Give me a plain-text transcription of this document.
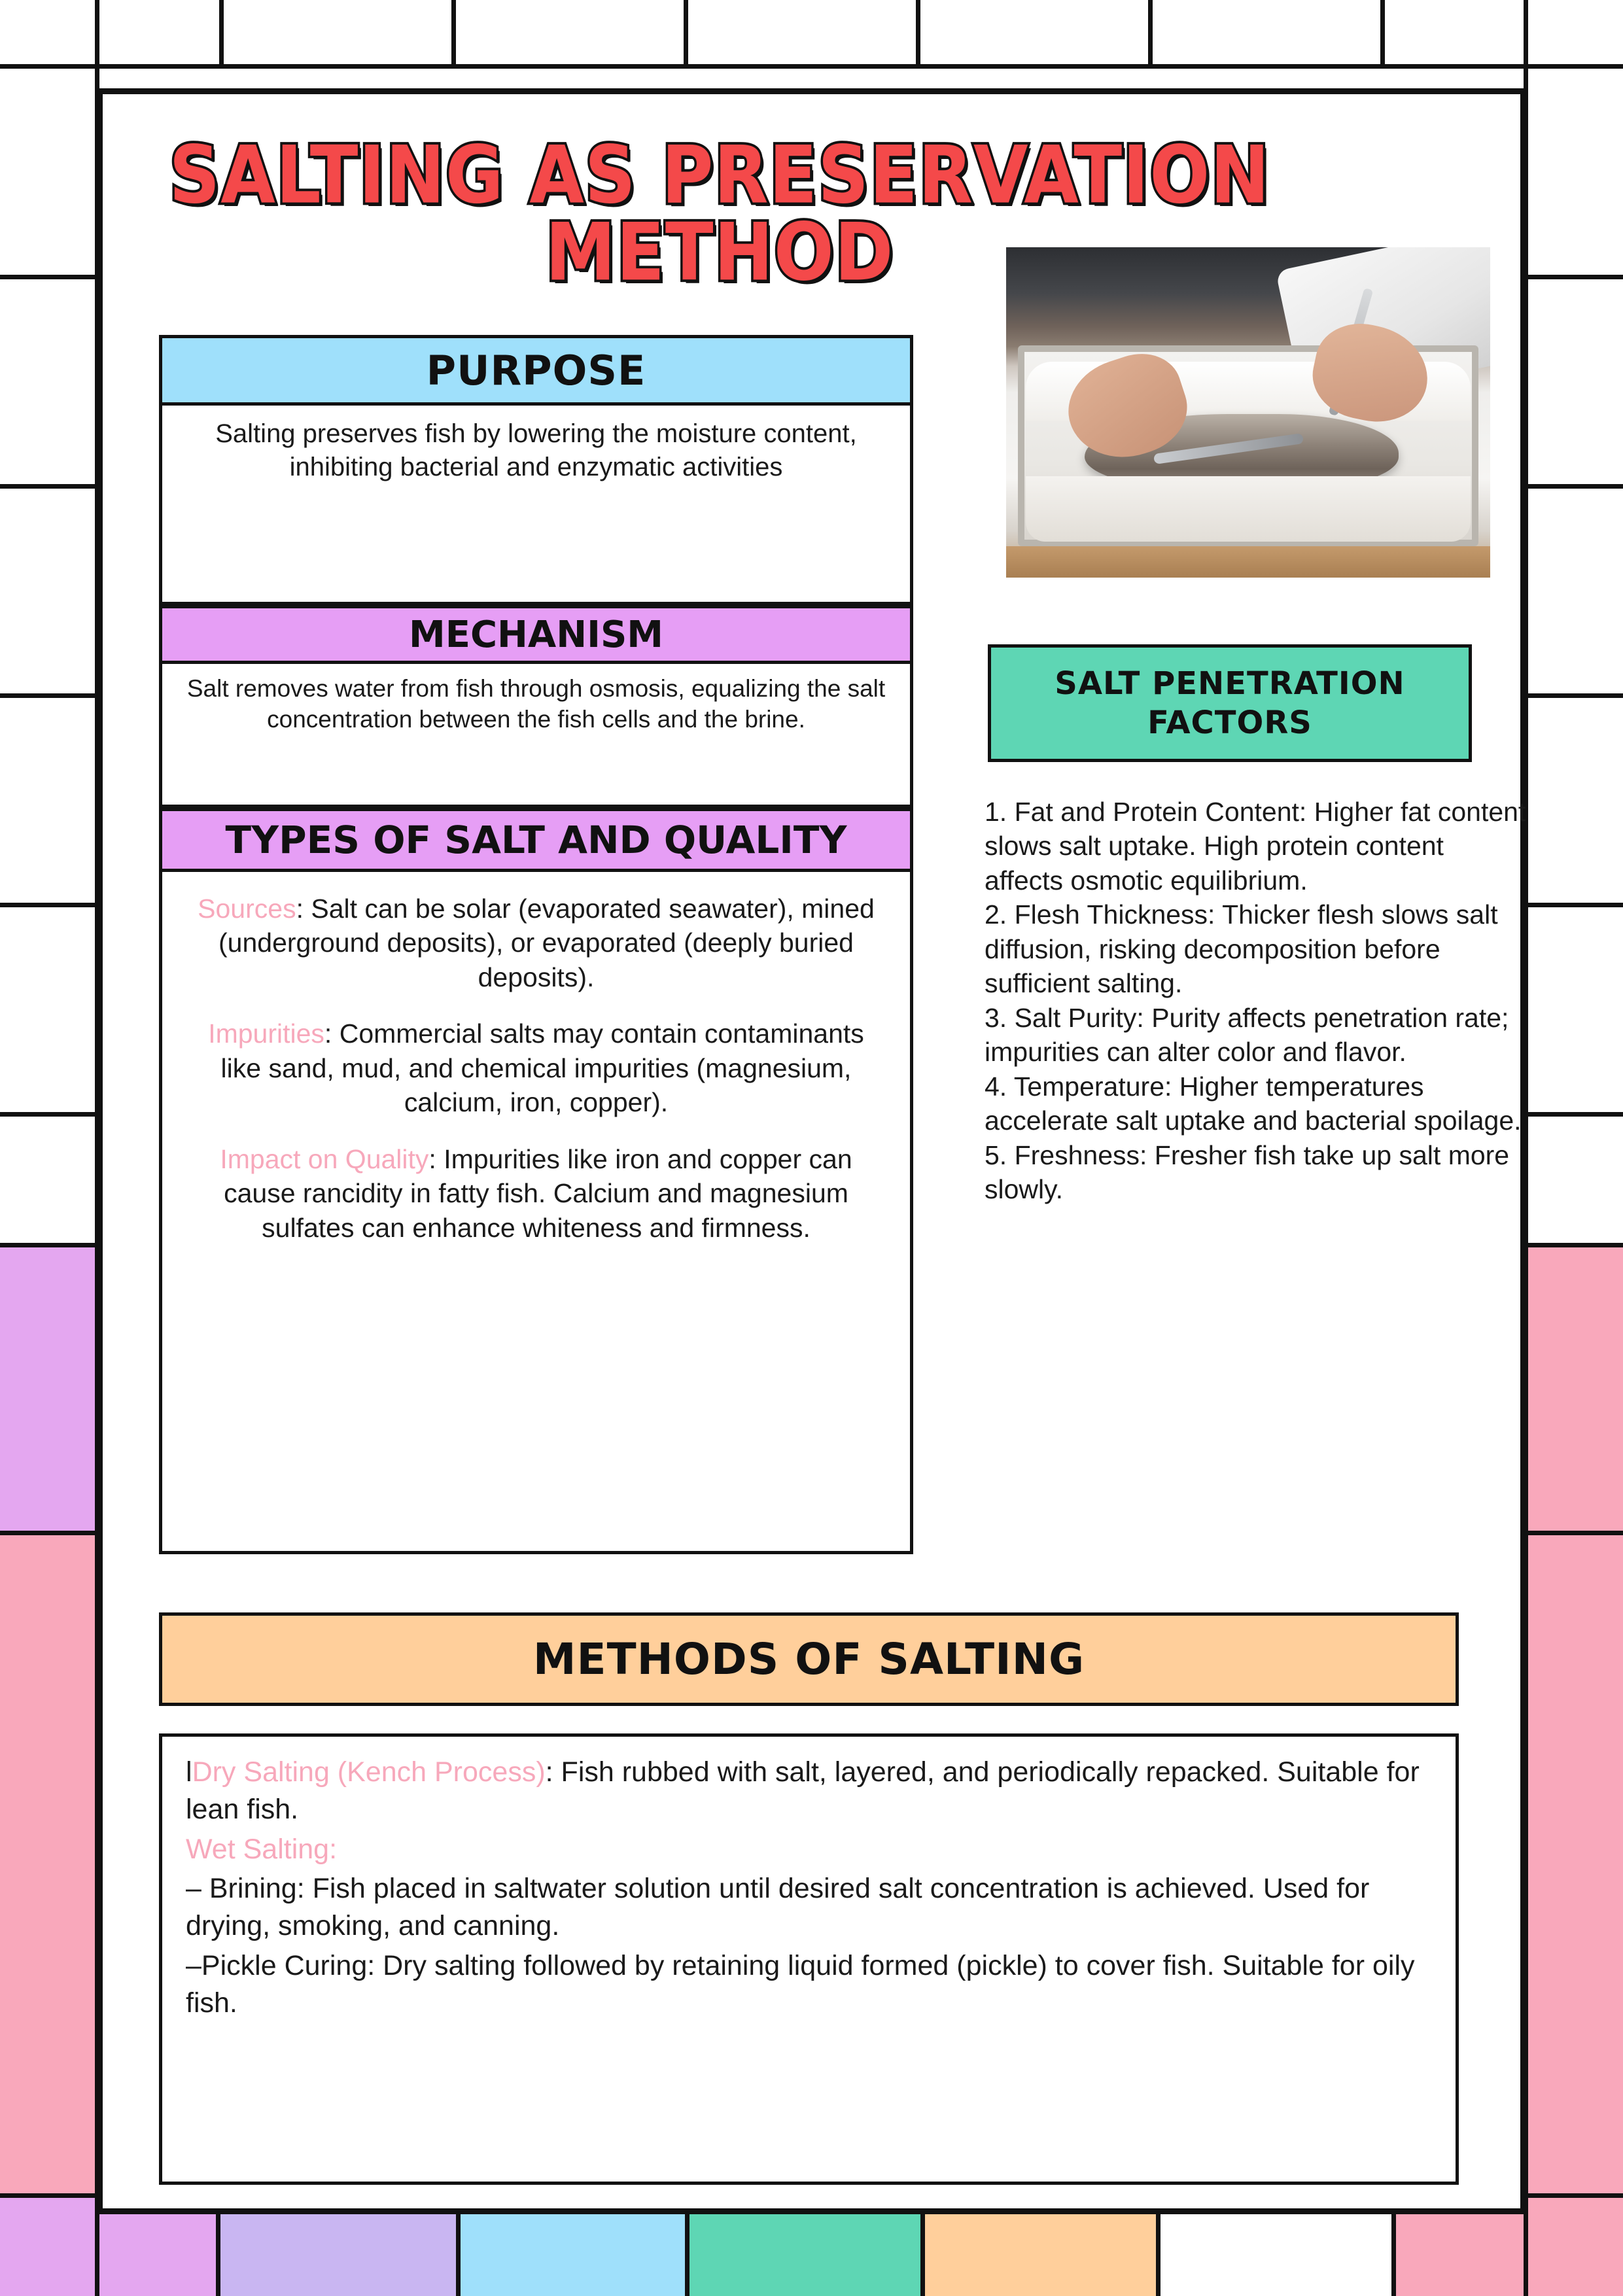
SALTING AS PRESERVATION
METHOD
PURPOSE
Salting preserves fish by lowering the moisture content, inhibiting bacterial and enzymatic activities
MECHANISM
Salt removes water from fish through osmosis, equalizing the salt concentration between the fish cells and the brine.
TYPES OF SALT AND QUALITY

Sources: Salt can be solar (evaporated seawater), mined (underground deposits), or evaporated (deeply buried deposits).

Impurities: Commercial salts may contain contaminants like sand, mud, and chemical impurities (magnesium, calcium, iron, copper).

Impact on Quality: Impurities like iron and copper can cause rancidity in fatty fish. Calcium and magnesium sulfates can enhance whiteness and firmness.

SALT PENETRATION
FACTORS
1. Fat and Protein Content: Higher fat content slows salt uptake. High protein content affects osmotic equilibrium.
2. Flesh Thickness: Thicker flesh slows salt diffusion, risking decomposition before sufficient salting.
3. Salt Purity: Purity affects penetration rate; impurities can alter color and flavor.
4. Temperature: Higher temperatures accelerate salt uptake and bacterial spoilage.
5. Freshness: Fresher fish take up salt more slowly.
METHODS OF SALTING

lDry Salting (Kench Process): Fish rubbed with salt, layered, and periodically repacked. Suitable for lean fish.

Wet Salting:

– Brining: Fish placed in saltwater solution until desired salt concentration is achieved. Used for drying, smoking, and canning.

–Pickle Curing: Dry salting followed by retaining liquid formed (pickle) to cover fish. Suitable for oily fish.
